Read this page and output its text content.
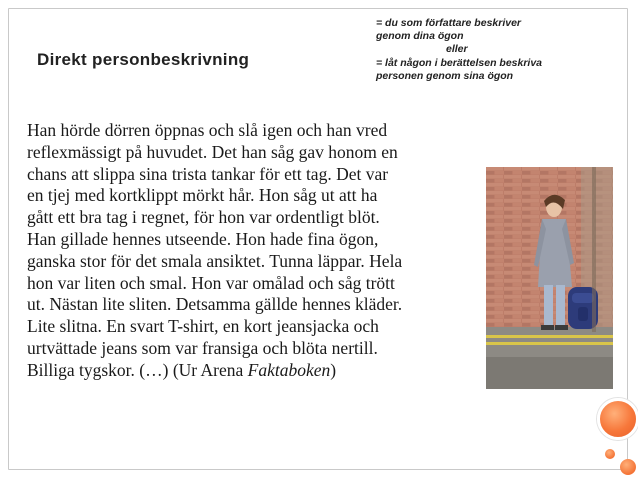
Direkt personbeskrivning
= du som författare beskriver
genom dina ögon
eller
= låt någon i berättelsen beskriva
personen genom sina ögon
Han hörde dörren öppnas och slå igen och han vred
reflexmässigt på huvudet. Det han såg gav honom en
chans att slippa sina trista tankar för ett tag. Det var
en tjej med kortklippt mörkt hår. Hon såg ut att ha
gått ett bra tag i regnet, för hon var ordentligt blöt.
Han gillade hennes utseende. Hon hade fina ögon,
ganska stor för det smala ansiktet. Tunna läppar. Hela
hon var liten och smal. Hon var omålad och såg trött
ut. Nästan lite sliten. Detsamma gällde hennes kläder.
Lite slitna. En svart T-shirt, en kort jeansjacka och
urtvättade jeans som var fransiga och blöta nertill.
Billiga tygskor. (…) (Ur Arena Faktaboken)
